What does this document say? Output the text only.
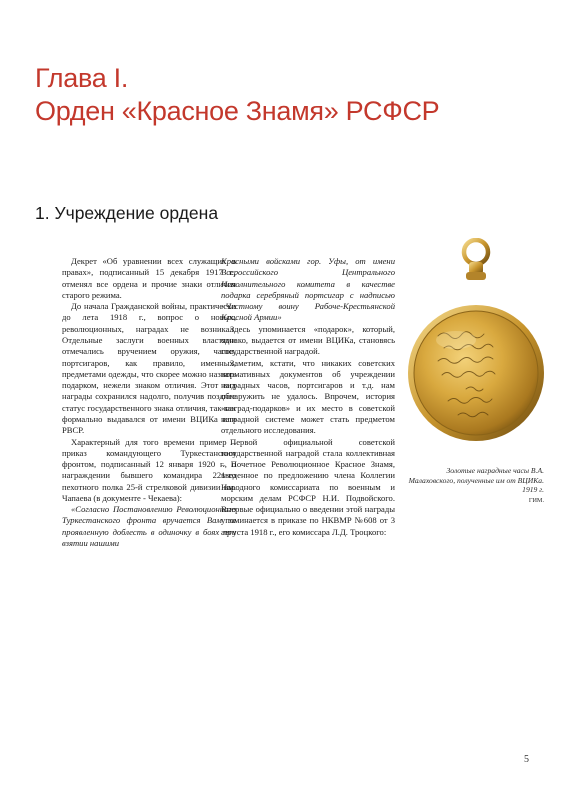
Глава I.
Орден «Красное Знамя» РСФСР
1. Учреждение ордена

Декрет «Об уравнении всех служащих в правах», подписанный 15 декабря 1917 г., отменял все ордена и прочие знаки отличия старого режима.

До начала Гражданской войны, практически до лета 1918 г., вопрос о новых, революционных, наградах не возникал. Отдельные заслуги военных властями отмечались вручением оружия, часов, портсигаров, как правило, именных, предметами одежды, что скорее можно назвать подарком, нежели знаком отличия. Этот вид награды сохранился надолго, получив позднее статус государственного знака отличия, так как формально выдавался от имени ВЦИКа или РВСР.

Характерный для того времени пример – приказ командующего Туркестанским фронтом, подписанный 12 января 1920 г., о награждении бывшего командира 221-го пехотного полка 25-й стрелковой дивизии им. Чапаева (в документе - Чекаева):

«Согласно Постановлению Революционного Туркестанского фронта вручается Вам за проявленную доблесть в одиночку в боях при взятии нашими

Красными войсками гор. Уфы, от имени Всероссийского Центрального Исполнительного комитета в качестве подарка серебряный портсигар с надписью «Честному воину Рабоче-Крестьянской Красной Армии»

Здесь упоминается «подарок», который, однако, выдается от имени ВЦИКа, становясь государственной наградой.

Заметим, кстати, что никаких советских нормативных документов об учреждении наградных часов, портсигаров и т.д. нам обнаружить не удалось. Впрочем, история «наград-подарков» и их место в советской наградной системе может стать предметом отдельного исследования.

Первой официальной советской государственной наградой стала коллективная – Почетное Революционное Красное Знамя, введенное по предложению члена Коллегии Народного комиссариата по военным и морским делам РСФСР Н.И. Подвойского. Впервые официально о введении этой награды упоминается в приказе по НКВМР №608 от 3 августа 1918 г., его комиссара Л.Д. Троцкого:

Золотые наградные часы В.А. Малаховского, полученные им от ВЦИКа. 1919 г.
ГИМ.
5
